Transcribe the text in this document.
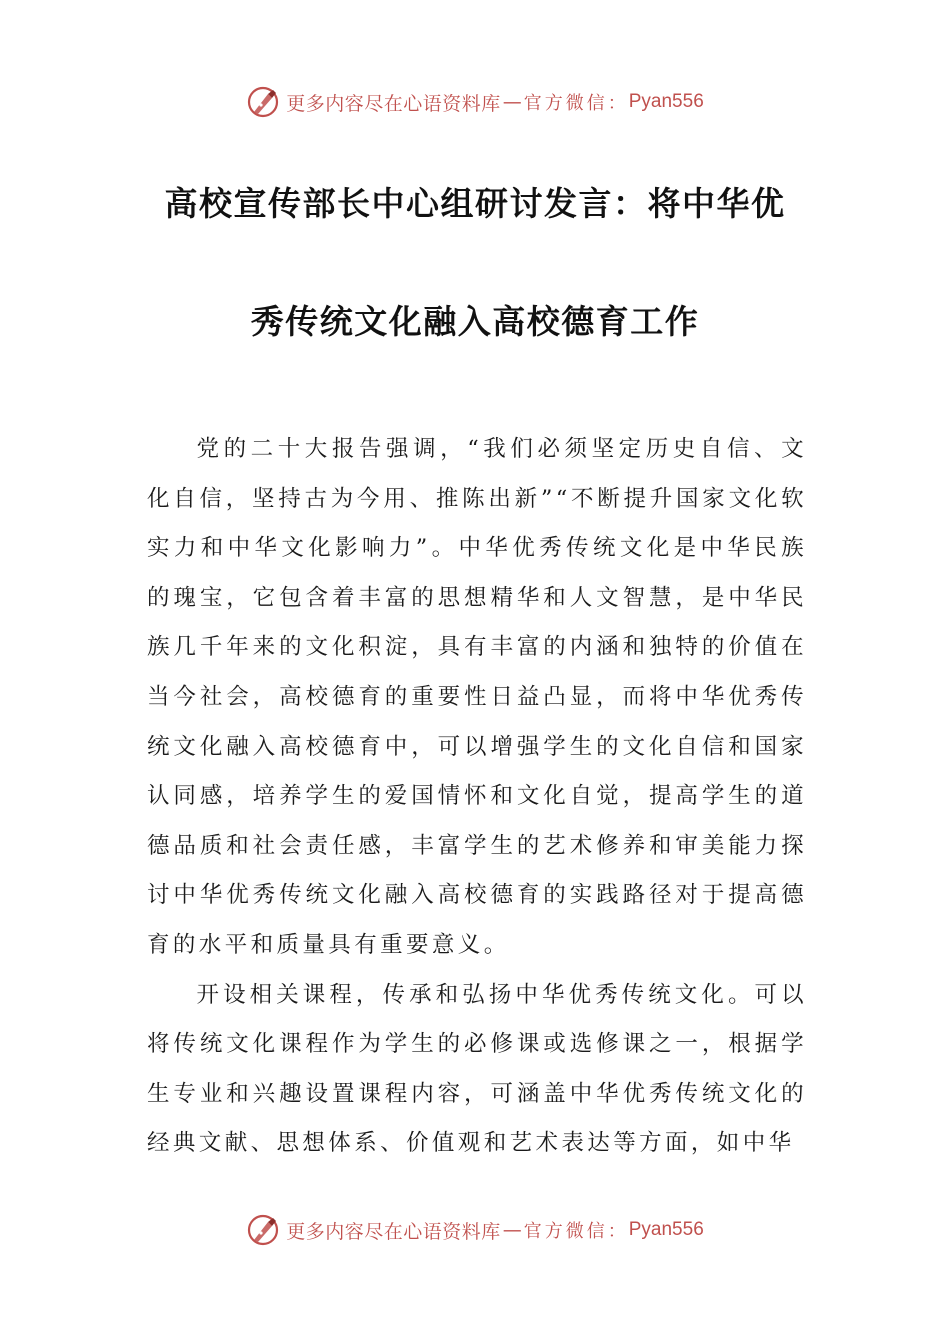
更多内容尽在心语资料库 — 官方微信： Pyan556
高校宣传部长中心组研讨发言：将中华优
秀传统文化融入高校德育工作

党的二十大报告强调，“我们必须坚定历史自信、文化自信，坚持古为今用、推陈出新”“不断提升国家文化软实力和中华文化影响力”。中华优秀传统文化是中华民族的瑰宝，它包含着丰富的思想精华和人文智慧，是中华民族几千年来的文化积淀，具有丰富的内涵和独特的价值在当今社会，高校德育的重要性日益凸显，而将中华优秀传统文化融入高校德育中，可以增强学生的文化自信和国家认同感，培养学生的爱国情怀和文化自觉，提高学生的道德品质和社会责任感，丰富学生的艺术修养和审美能力探讨中华优秀传统文化融入高校德育的实践路径对于提高德育的水平和质量具有重要意义。

开设相关课程，传承和弘扬中华优秀传统文化。可以将传统文化课程作为学生的必修课或选修课之一，根据学生专业和兴趣设置课程内容，可涵盖中华优秀传统文化的经典文献、思想体系、价值观和艺术表达等方面，如中华

更多内容尽在心语资料库 — 官方微信： Pyan556
